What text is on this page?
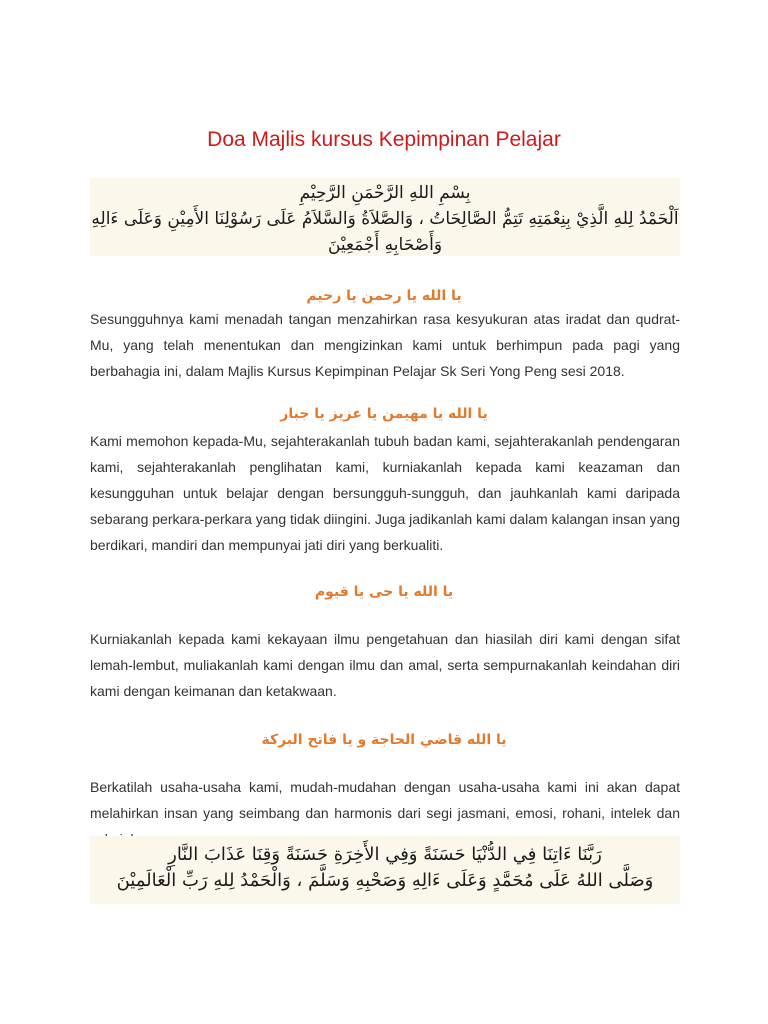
Doa Majlis kursus Kepimpinan Pelajar
بِسْمِ اللهِ الرَّحْمَنِ الرَّحِيْمِ
اَلْحَمْدُ لِلهِ الَّذِيْ بِنِعْمَتِهِ تَتِمُّ الصَّالِحَاتُ ، وَالصَّلاَةُ وَالسَّلاَمُ عَلَى رَسُوْلِنَا الأَمِيْنِ وَعَلَى ءَالِهِ
وَأَصْحَابِهِ أَجْمَعِيْنَ
يا الله يا رحمن يا رحيم
Sesungguhnya kami menadah tangan menzahirkan rasa kesyukuran atas iradat dan qudrat-Mu, yang telah menentukan dan mengizinkan kami untuk berhimpun pada pagi yang berbahagia ini, dalam Majlis Kursus Kepimpinan Pelajar Sk Seri Yong Peng sesi 2018.
يا الله يا مهيمن يا عزيز يا جبار
Kami memohon kepada-Mu, sejahterakanlah tubuh badan kami, sejahterakanlah pendengaran kami, sejahterakanlah penglihatan kami, kurniakanlah kepada kami keazaman dan kesungguhan untuk belajar dengan bersungguh-sungguh, dan jauhkanlah kami daripada sebarang perkara-perkara yang tidak diingini. Juga jadikanlah kami dalam kalangan insan yang berdikari, mandiri dan mempunyai jati diri yang berkualiti.
يا الله يا حى يا قيوم
Kurniakanlah kepada kami kekayaan ilmu pengetahuan dan hiasilah diri kami dengan sifat lemah-lembut, muliakanlah kami dengan ilmu dan amal, serta sempurnakanlah keindahan diri kami dengan keimanan dan ketakwaan.
يا الله قاضي الحاجة و يا فاتح البركة
Berkatilah usaha-usaha kami, mudah-mudahan dengan usaha-usaha kami ini akan dapat melahirkan insan yang seimbang dan harmonis dari segi jasmani, emosi, rohani, intelek dan
رَبَّنَا ءَاتِنَا فِي الدُّنْيَا حَسَنَةً وَفِي الأَخِرَةِ حَسَنَةً وَقِنَا عَذَابَ النَّارِ
وَصَلَّى اللهُ عَلَى مُحَمَّدٍ وَعَلَى ءَالِهِ وَصَحْبِهِ وَسَلَّمَ ، وَالْحَمْدُ لِلهِ رَبِّ الْعَالَمِيْنَ
